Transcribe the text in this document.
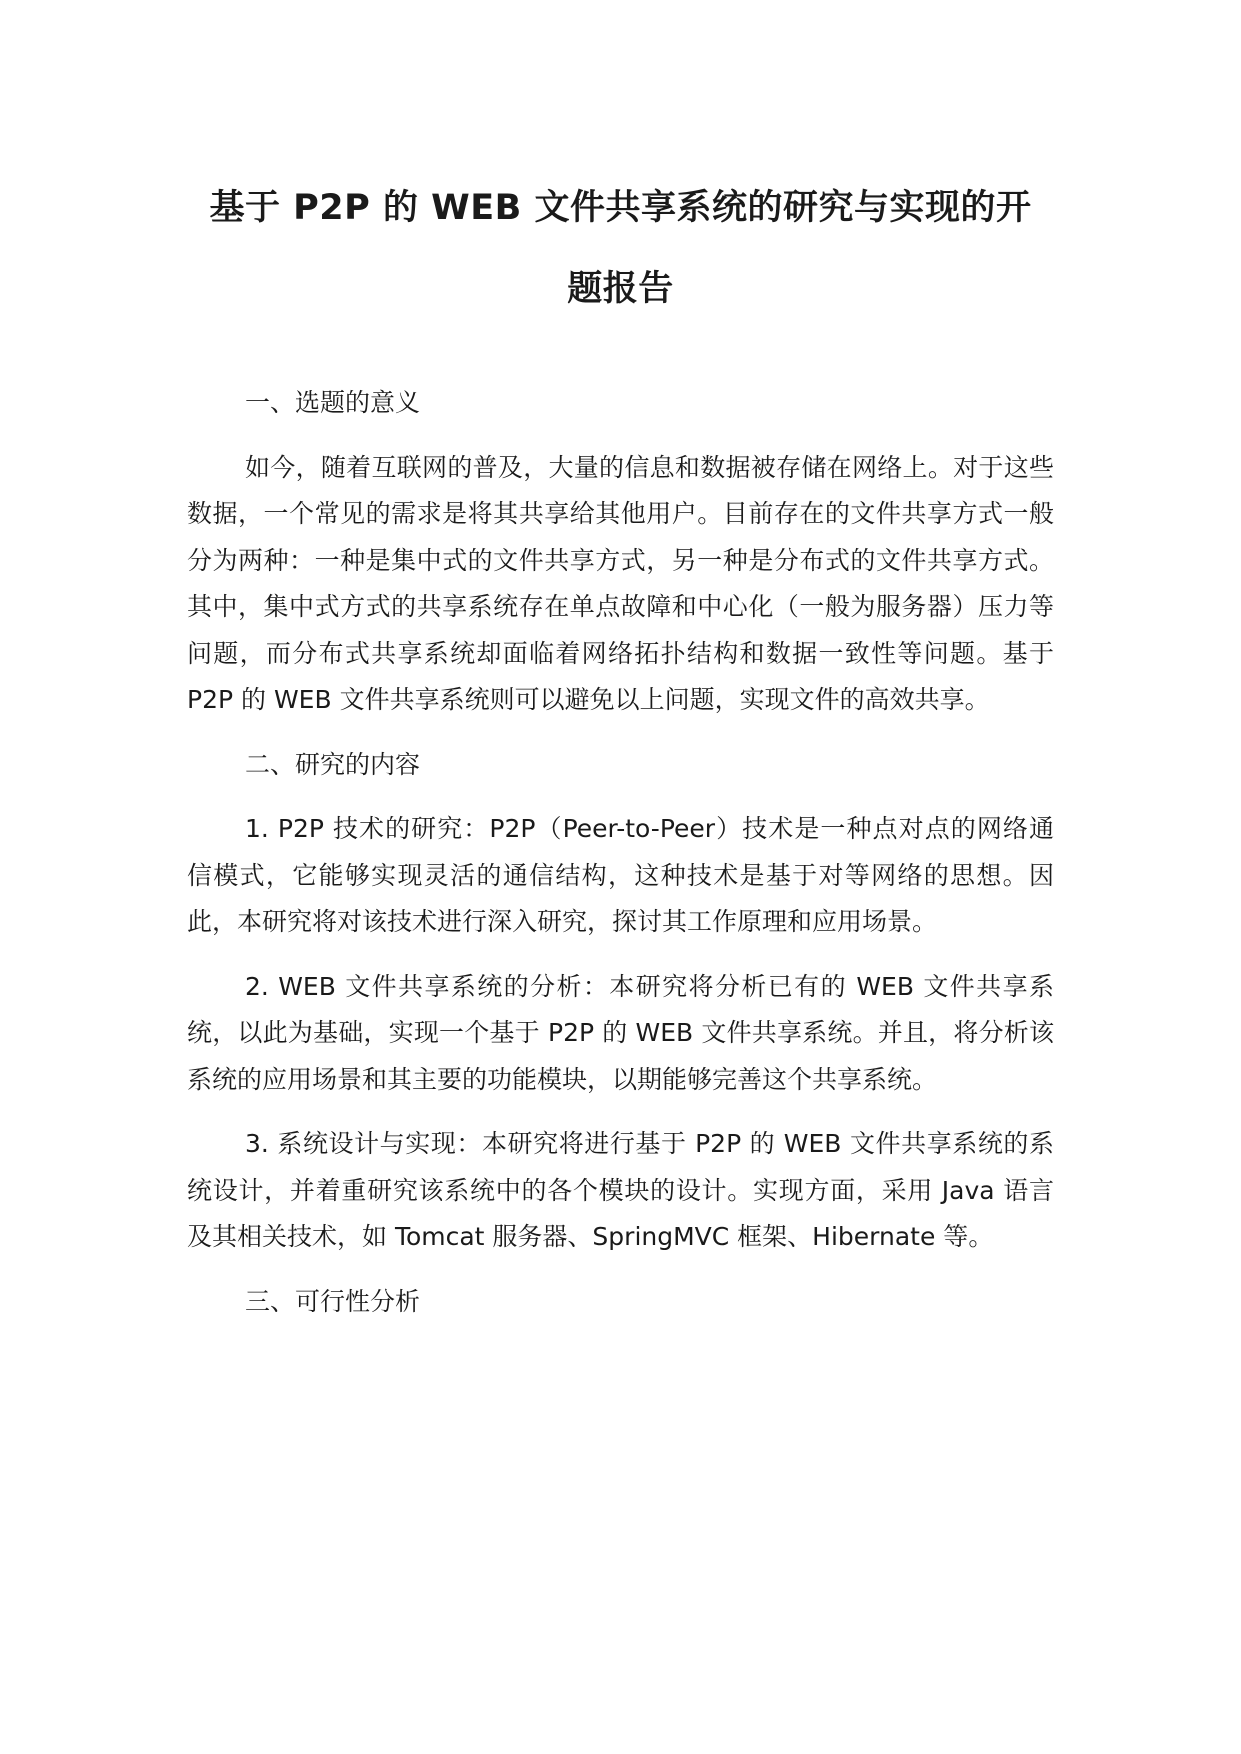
基于 P2P 的 WEB 文件共享系统的研究与实现的开
题报告

一、选题的意义

如今，随着互联网的普及，大量的信息和数据被存储在网络上。对于这些数据，一个常见的需求是将其共享给其他用户。目前存在的文件共享方式一般分为两种：一种是集中式的文件共享方式，另一种是分布式的文件共享方式。其中，集中式方式的共享系统存在单点故障和中心化（一般为服务器）压力等问题，而分布式共享系统却面临着网络拓扑结构和数据一致性等问题。基于 P2P 的 WEB 文件共享系统则可以避免以上问题，实现文件的高效共享。

二、研究的内容

1. P2P 技术的研究：P2P（Peer-to-Peer）技术是一种点对点的网络通信模式，它能够实现灵活的通信结构，这种技术是基于对等网络的思想。因此，本研究将对该技术进行深入研究，探讨其工作原理和应用场景。

2. WEB 文件共享系统的分析：本研究将分析已有的 WEB 文件共享系统，以此为基础，实现一个基于 P2P 的 WEB 文件共享系统。并且，将分析该系统的应用场景和其主要的功能模块，以期能够完善这个共享系统。

3. 系统设计与实现：本研究将进行基于 P2P 的 WEB 文件共享系统的系统设计，并着重研究该系统中的各个模块的设计。实现方面，采用 Java 语言及其相关技术，如 Tomcat 服务器、SpringMVC 框架、Hibernate 等。

三、可行性分析
